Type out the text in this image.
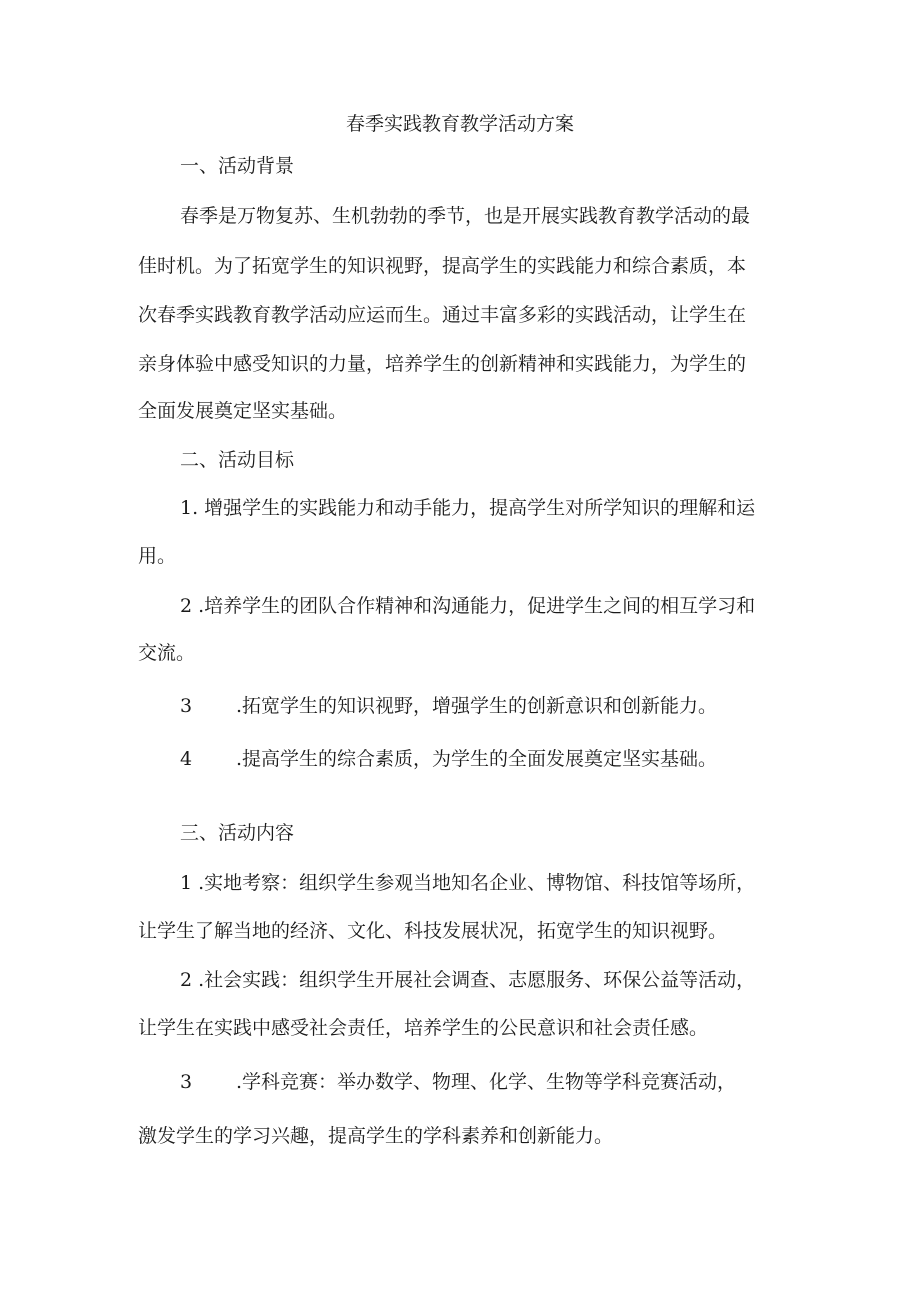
春季实践教育教学活动方案
一、活动背景
春季是万物复苏、生机勃勃的季节，也是开展实践教育教学活动的最
佳时机。为了拓宽学生的知识视野，提高学生的实践能力和综合素质，本
次春季实践教育教学活动应运而生。通过丰富多彩的实践活动，让学生在
亲身体验中感受知识的力量，培养学生的创新精神和实践能力，为学生的
全面发展奠定坚实基础。
二、活动目标
1. 增强学生的实践能力和动手能力，提高学生对所学知识的理解和运
用。
2 .培养学生的团队合作精神和沟通能力，促进学生之间的相互学习和
交流。
3 .拓宽学生的知识视野，增强学生的创新意识和创新能力。
4 .提高学生的综合素质，为学生的全面发展奠定坚实基础。
三、活动内容
1 .实地考察：组织学生参观当地知名企业、博物馆、科技馆等场所，
让学生了解当地的经济、文化、科技发展状况，拓宽学生的知识视野。
2 .社会实践：组织学生开展社会调查、志愿服务、环保公益等活动，
让学生在实践中感受社会责任，培养学生的公民意识和社会责任感。
3 .学科竞赛：举办数学、物理、化学、生物等学科竞赛活动，
激发学生的学习兴趣，提高学生的学科素养和创新能力。
